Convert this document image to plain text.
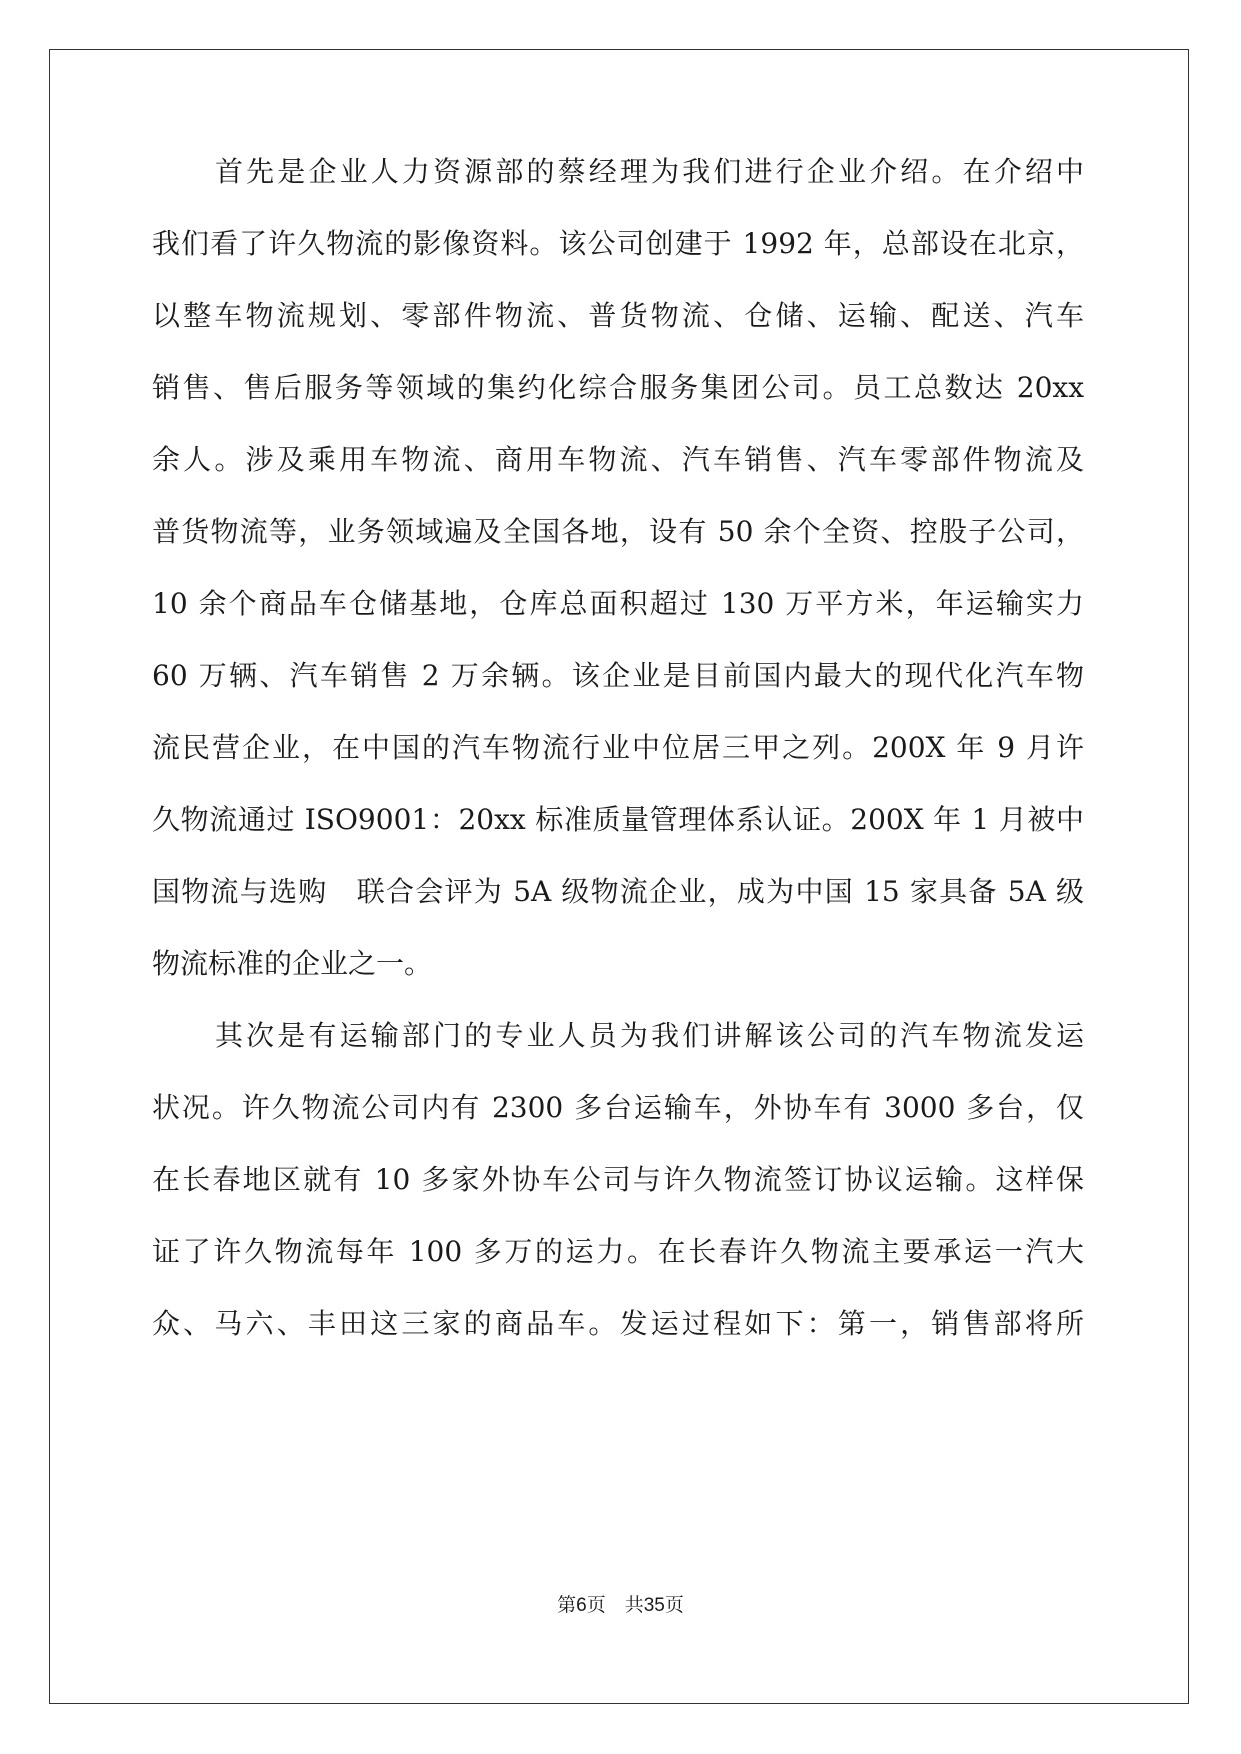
首先是企业人力资源部的蔡经理为我们进行企业介绍。在介绍中
我们看了许久物流的影像资料。该公司创建于 1992 年，总部设在北京，
以整车物流规划、零部件物流、普货物流、仓储、运输、配送、汽车
销售、售后服务等领域的集约化综合服务集团公司。员工总数达 20xx
余人。涉及乘用车物流、商用车物流、汽车销售、汽车零部件物流及
普货物流等，业务领域遍及全国各地，设有 50 余个全资、控股子公司，
10 余个商品车仓储基地，仓库总面积超过 130 万平方米，年运输实力
60 万辆、汽车销售 2 万余辆。该企业是目前国内最大的现代化汽车物
流民营企业，在中国的汽车物流行业中位居三甲之列。200X 年 9 月许
久物流通过 ISO9001：20xx 标准质量管理体系认证。200X 年 1 月被中
国物流与选购　联合会评为 5A 级物流企业，成为中国 15 家具备 5A 级
物流标准的企业之一。
其次是有运输部门的专业人员为我们讲解该公司的汽车物流发运
状况。许久物流公司内有 2300 多台运输车，外协车有 3000 多台，仅
在长春地区就有 10 多家外协车公司与许久物流签订协议运输。这样保
证了许久物流每年 100 多万的运力。在长春许久物流主要承运一汽大
众、马六、丰田这三家的商品车。发运过程如下：第一，销售部将所
第6页　 共35页
